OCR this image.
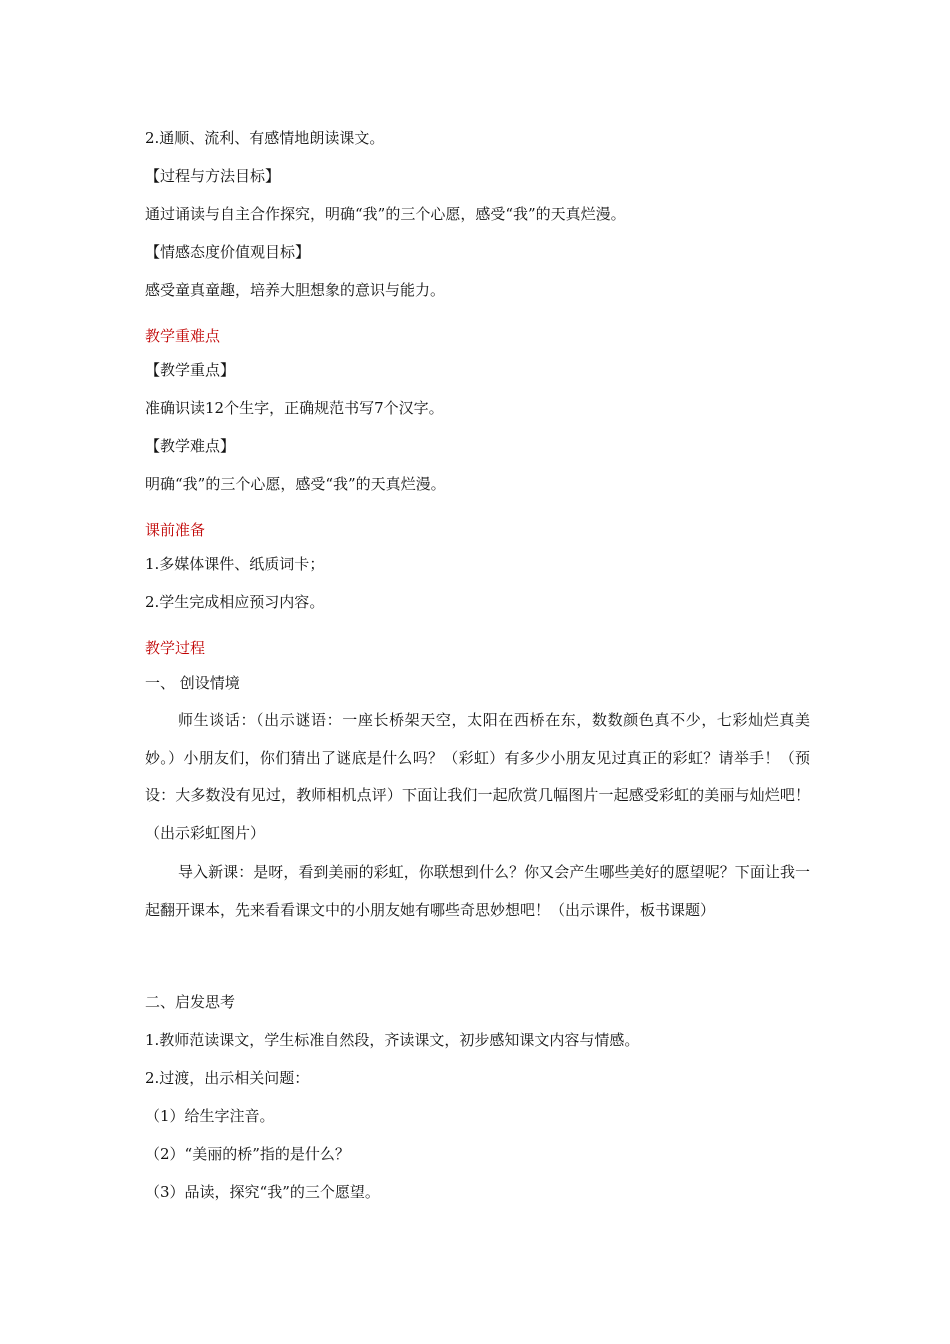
2.通顺、流利、有感情地朗读课文。
【过程与方法目标】
通过诵读与自主合作探究，明确“我”的三个心愿，感受“我”的天真烂漫。
【情感态度价值观目标】
感受童真童趣，培养大胆想象的意识与能力。
教学重难点
【教学重点】
准确识读12个生字，正确规范书写7个汉字。
【教学难点】
明确“我”的三个心愿，感受“我”的天真烂漫。
课前准备
1.多媒体课件、纸质词卡；
2.学生完成相应预习内容。
教学过程
一、 创设情境
师生谈话：（出示谜语：一座长桥架天空，太阳在西桥在东，数数颜色真不少，七彩灿烂真美妙。）小朋友们，你们猜出了谜底是什么吗？（彩虹）有多少小朋友见过真正的彩虹？请举手！（预设：大多数没有见过，教师相机点评）下面让我们一起欣赏几幅图片一起感受彩虹的美丽与灿烂吧！（出示彩虹图片）
导入新课：是呀，看到美丽的彩虹，你联想到什么？你又会产生哪些美好的愿望呢？下面让我一起翻开课本，先来看看课文中的小朋友她有哪些奇思妙想吧！（出示课件，板书课题）
二、启发思考
1.教师范读课文，学生标准自然段，齐读课文，初步感知课文内容与情感。
2.过渡，出示相关问题：
（1）给生字注音。
（2）“美丽的桥”指的是什么？
（3）品读，探究“我”的三个愿望。
